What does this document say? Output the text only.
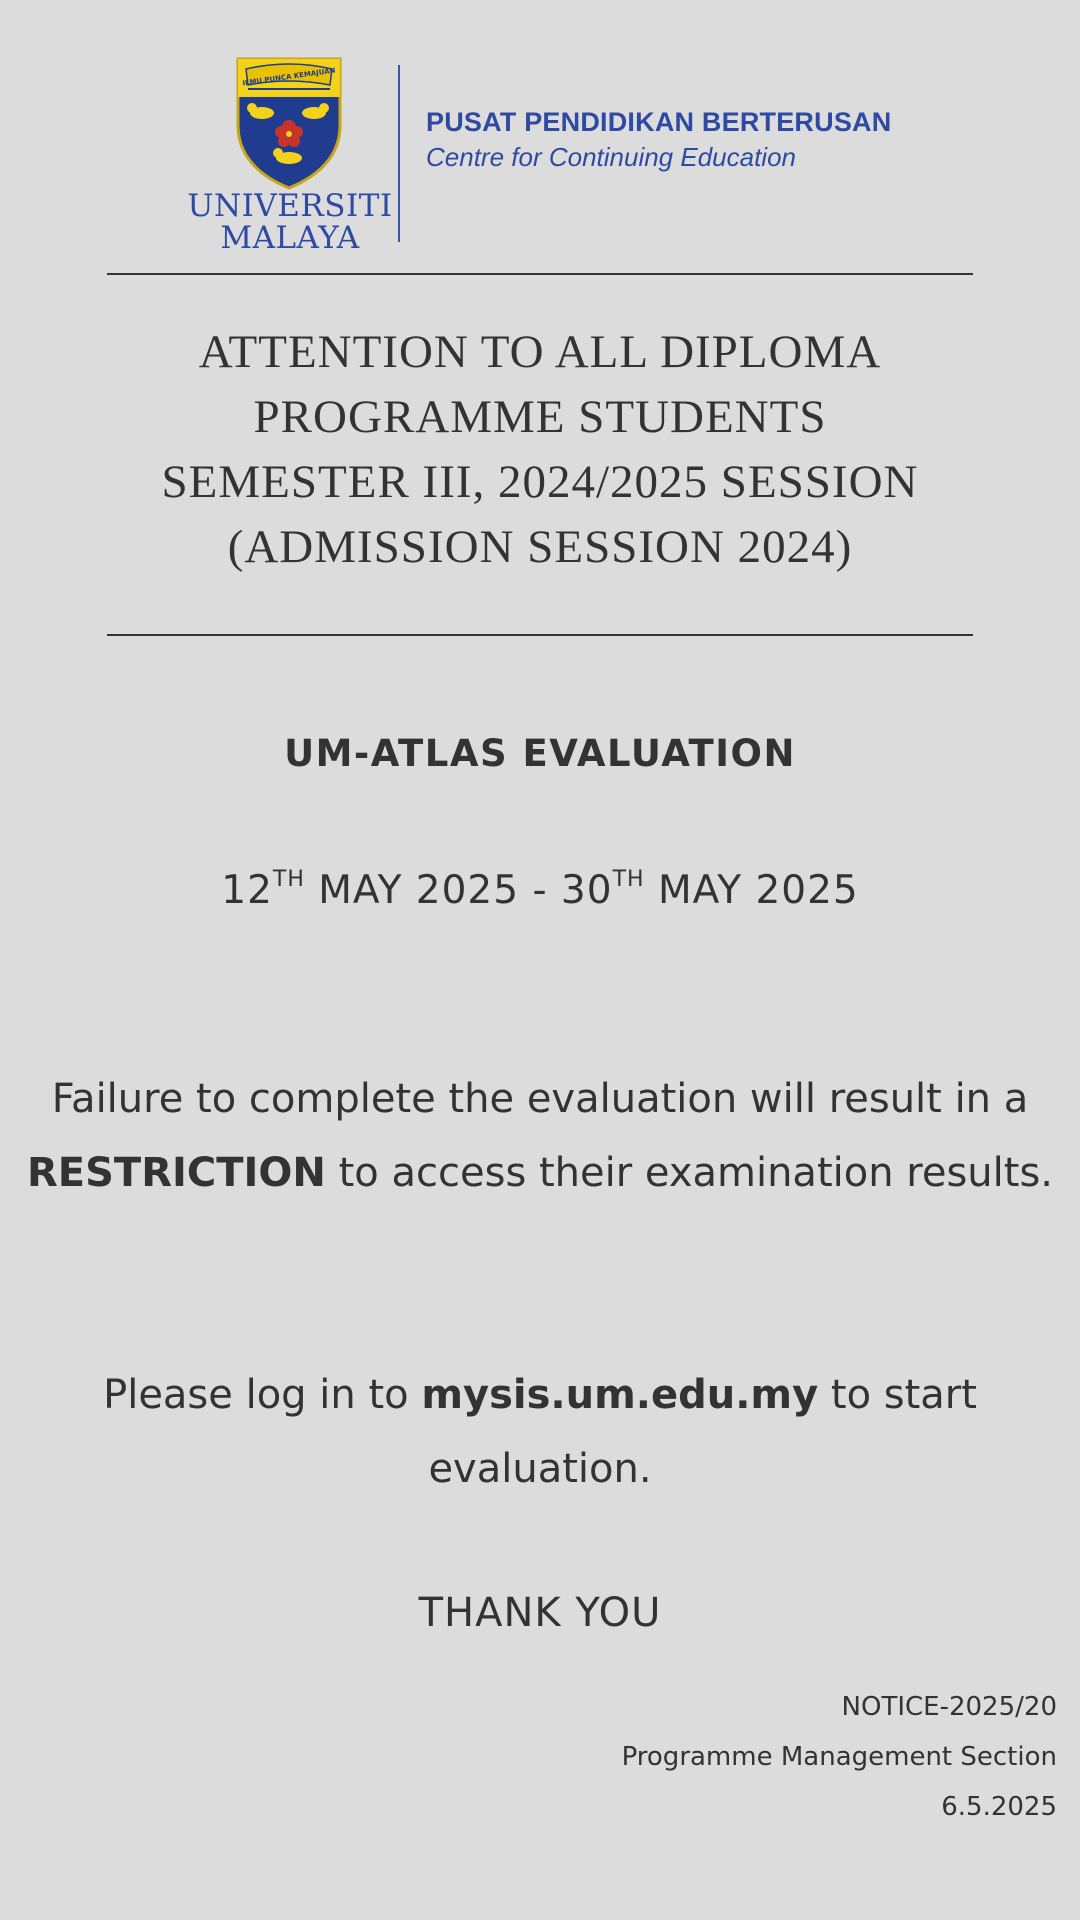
ILMU PUNCA KEMAJUAN
UNIVERSITI
MALAYA
PUSAT PENDIDIKAN BERTERUSAN
Centre for Continuing Education
ATTENTION TO ALL DIPLOMA
PROGRAMME STUDENTS
SEMESTER III, 2024/2025 SESSION
(ADMISSION SESSION 2024)
UM-ATLAS EVALUATION
12TH MAY 2025 - 30TH MAY 2025
Failure to complete the evaluation will result in a RESTRICTION to access their examination results.
Please log in to mysis.um.edu.my to start evaluation.
THANK YOU
NOTICE-2025/20
Programme Management Section
6.5.2025
